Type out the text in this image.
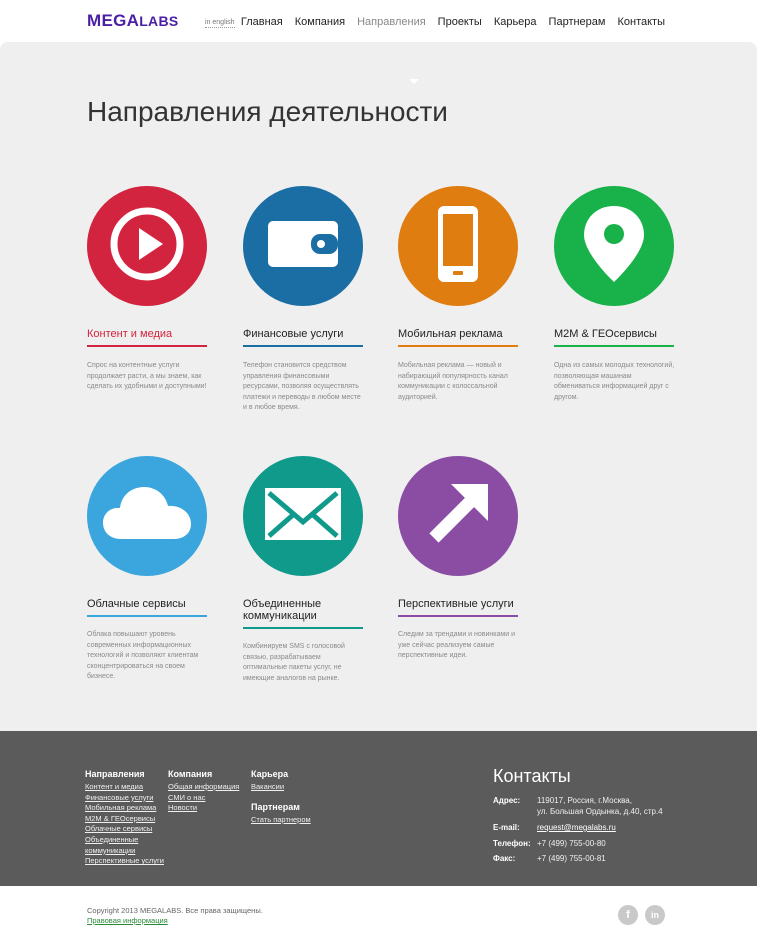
MEGALABS	in english Главная Компания Направления Проекты Карьера Партнерам Контакты
Направления деятельности
Контент и медиа
Спрос на контентные услуги продолжает расти, а мы знаем, как сделать их удобными и доступными!
Финансовые услуги
Телефон становится средством управления финансовыми ресурсами, позволяя осуществлять платежи и переводы в любом месте и в любое время.
Мобильная реклама
Мобильная реклама — новый и набирающий популярность канал коммуникации с колоссальной аудиторией.
M2M & ГЕОсервисы
Одна из самых молодых технологий, позволяющая машинам обмениваться информацией друг с другом.
Облачные сервисы
Облака повышают уровень современных информационных технологий и позволяют клиентам сконцентрироваться на своем бизнесе.
Объединенные коммуникации
Комбинируем SMS с голосовой связью, разрабатываем оптимальные пакеты услуг, не имеющие аналогов на рынке.
Перспективные услуги
Следим за трендами и новинками и уже сейчас реализуем самые перспективные идеи.
Направления
Контент и медиа
Финансовые услуги
Мобильная реклама
M2M & ГЕОсервисы
Облачные сервисы
Объединенные
коммуникации
Перспективные услуги
Компания
Общая информация
СМИ о нас
Новости
Карьера
Вакансии
Партнерам
Стать партнером
Контакты
Адрес: 119017, Россия, г.Москва,
ул. Большая Ордынка, д.40, стр.4
E-mail: request@megalabs.ru
Телефон: +7 (499) 755-00-80
Факс:	+7 (499) 755-00-81
Copyright 2013 MEGALABS. Все права защищены.
Правовая информация	f	in
